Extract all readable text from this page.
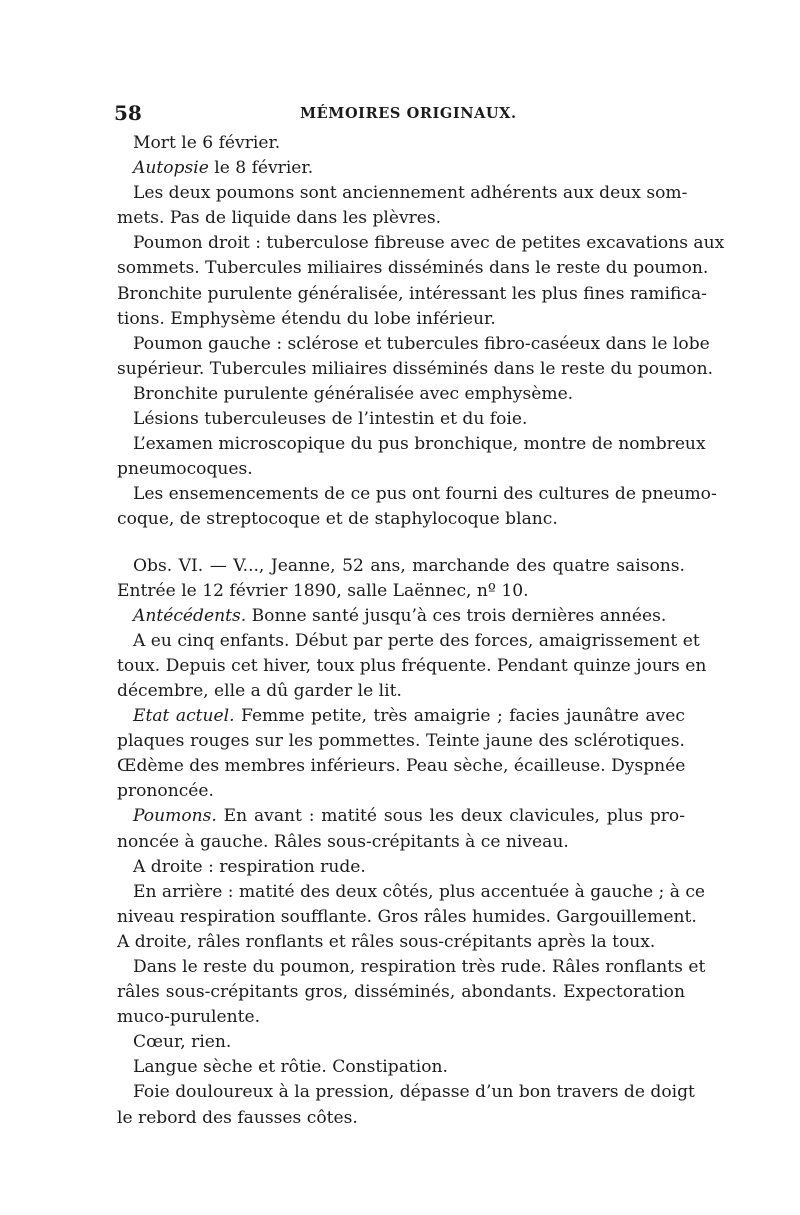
58	MÉMOIRES ORIGINAUX.
Mort le 6 février.
Autopsie le 8 février.
Les deux poumons sont anciennement adhérents aux deux som-
mets. Pas de liquide dans les plèvres.
Poumon droit : tuberculose fibreuse avec de petites excavations aux
sommets. Tubercules miliaires disséminés dans le reste du poumon.
Bronchite purulente généralisée, intéressant les plus fines ramifica-
tions. Emphysème étendu du lobe inférieur.
Poumon gauche : sclérose et tubercules fibro-caséeux dans le lobe
supérieur. Tubercules miliaires disséminés dans le reste du poumon.
Bronchite purulente généralisée avec emphysème.
Lésions tuberculeuses de l’intestin et du foie.
L’examen microscopique du pus bronchique, montre de nombreux
pneumocoques.
Les ensemencements de ce pus ont fourni des cultures de pneumo-
coque, de streptocoque et de staphylocoque blanc.
Obs. VI. — V..., Jeanne, 52 ans, marchande des quatre saisons.
Entrée le 12 février 1890, salle Laënnec, nº 10.
Antécédents. Bonne santé jusqu’à ces trois dernières années.
A eu cinq enfants. Début par perte des forces, amaigrissement et
toux. Depuis cet hiver, toux plus fréquente. Pendant quinze jours en
décembre, elle a dû garder le lit.
Etat actuel. Femme petite, très amaigrie ; facies jaunâtre avec
plaques rouges sur les pommettes. Teinte jaune des sclérotiques.
Œdème des membres inférieurs. Peau sèche, écailleuse. Dyspnée
prononcée.
Poumons. En avant : matité sous les deux clavicules, plus pro-
noncée à gauche. Râles sous-crépitants à ce niveau.
A droite : respiration rude.
En arrière : matité des deux côtés, plus accentuée à gauche ; à ce
niveau respiration soufflante. Gros râles humides. Gargouillement.
A droite, râles ronflants et râles sous-crépitants après la toux.
Dans le reste du poumon, respiration très rude. Râles ronflants et
râles sous-crépitants gros, disséminés, abondants. Expectoration
muco-purulente.
Cœur, rien.
Langue sèche et rôtie. Constipation.
Foie douloureux à la pression, dépasse d’un bon travers de doigt
le rebord des fausses côtes.
